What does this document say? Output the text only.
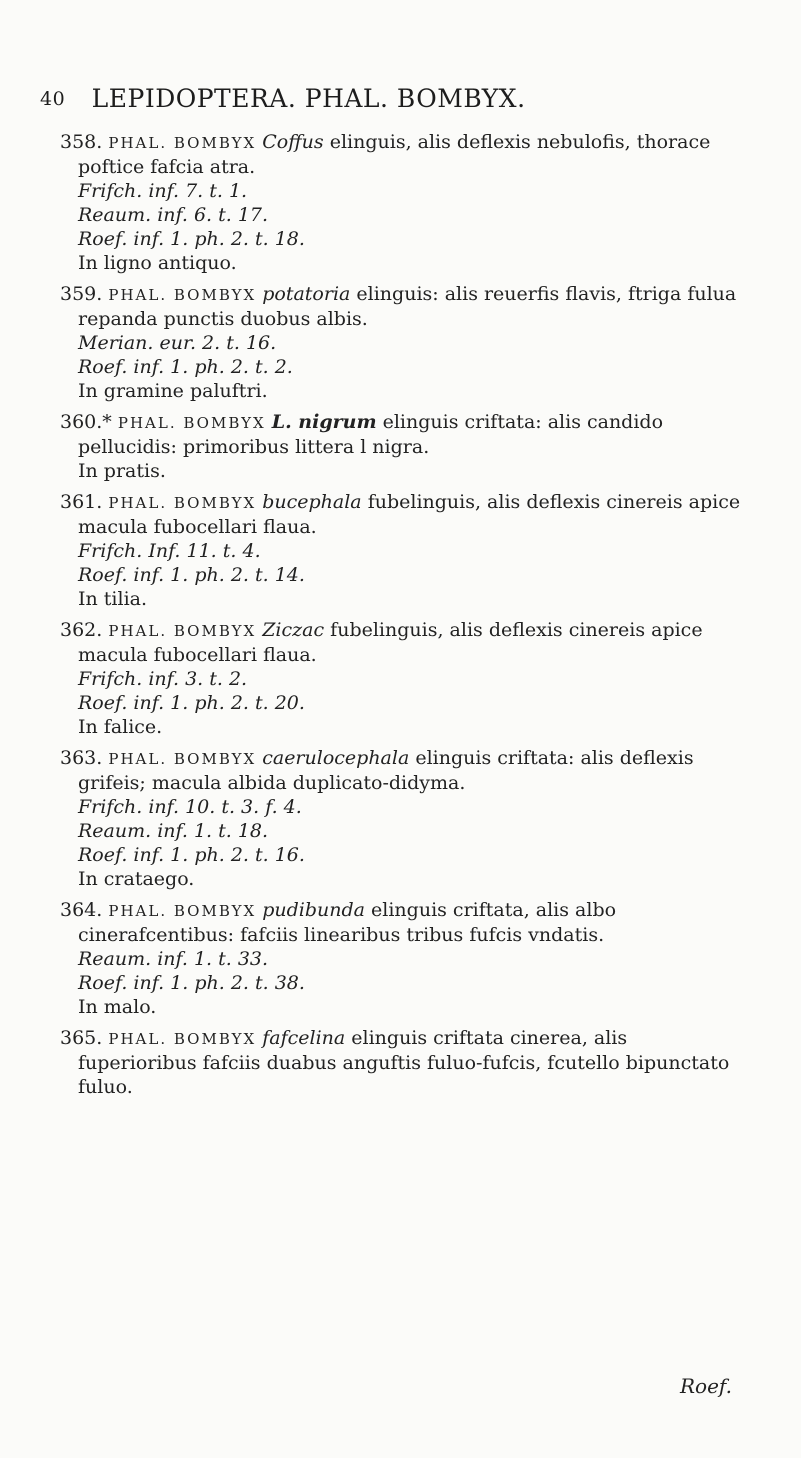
40 LEPIDOPTERA. PHAL. BOMBYX.
358. PHAL. BOMBYX Coffus elinguis, alis deflexis nebulofis, thorace poftice fafcia atra.
Frifch. inf. 7. t. 1.
Reaum. inf. 6. t. 17.
Roef. inf. 1. ph. 2. t. 18.
In ligno antiquo.
359. PHAL. BOMBYX potatoria elinguis: alis reuerfis flavis, ftriga fulua repanda punctis duobus albis.
Merian. eur. 2. t. 16.
Roef. inf. 1. ph. 2. t. 2.
In gramine paluftri.
360.* PHAL. BOMBYX L. nigrum elinguis criftata: alis candido pellucidis: primoribus littera l nigra.
In pratis.
361. PHAL. BOMBYX bucephala fubelinguis, alis deflexis cinereis apice macula fubocellari flaua.
Frifch. Inf. 11. t. 4.
Roef. inf. 1. ph. 2. t. 14.
In tilia.
362. PHAL. BOMBYX Ziczac fubelinguis, alis deflexis cinereis apice macula fubocellari flaua.
Frifch. inf. 3. t. 2.
Roef. inf. 1. ph. 2. t. 20.
In falice.
363. PHAL. BOMBYX caerulocephala elinguis criftata: alis deflexis grifeis; macula albida duplicato-didyma.
Frifch. inf. 10. t. 3. f. 4.
Reaum. inf. 1. t. 18.
Roef. inf. 1. ph. 2. t. 16.
In crataego.
364. PHAL. BOMBYX pudibunda elinguis criftata, alis albo cinerafcentibus: fafciis linearibus tribus fufcis vndatis.
Reaum. inf. 1. t. 33.
Roef. inf. 1. ph. 2. t. 38.
In malo.
365. PHAL. BOMBYX fafcelina elinguis criftata cinerea, alis fuperioribus fafciis duabus anguftis fuluo-fufcis, fcutello bipunctato fuluo.
Roef.
